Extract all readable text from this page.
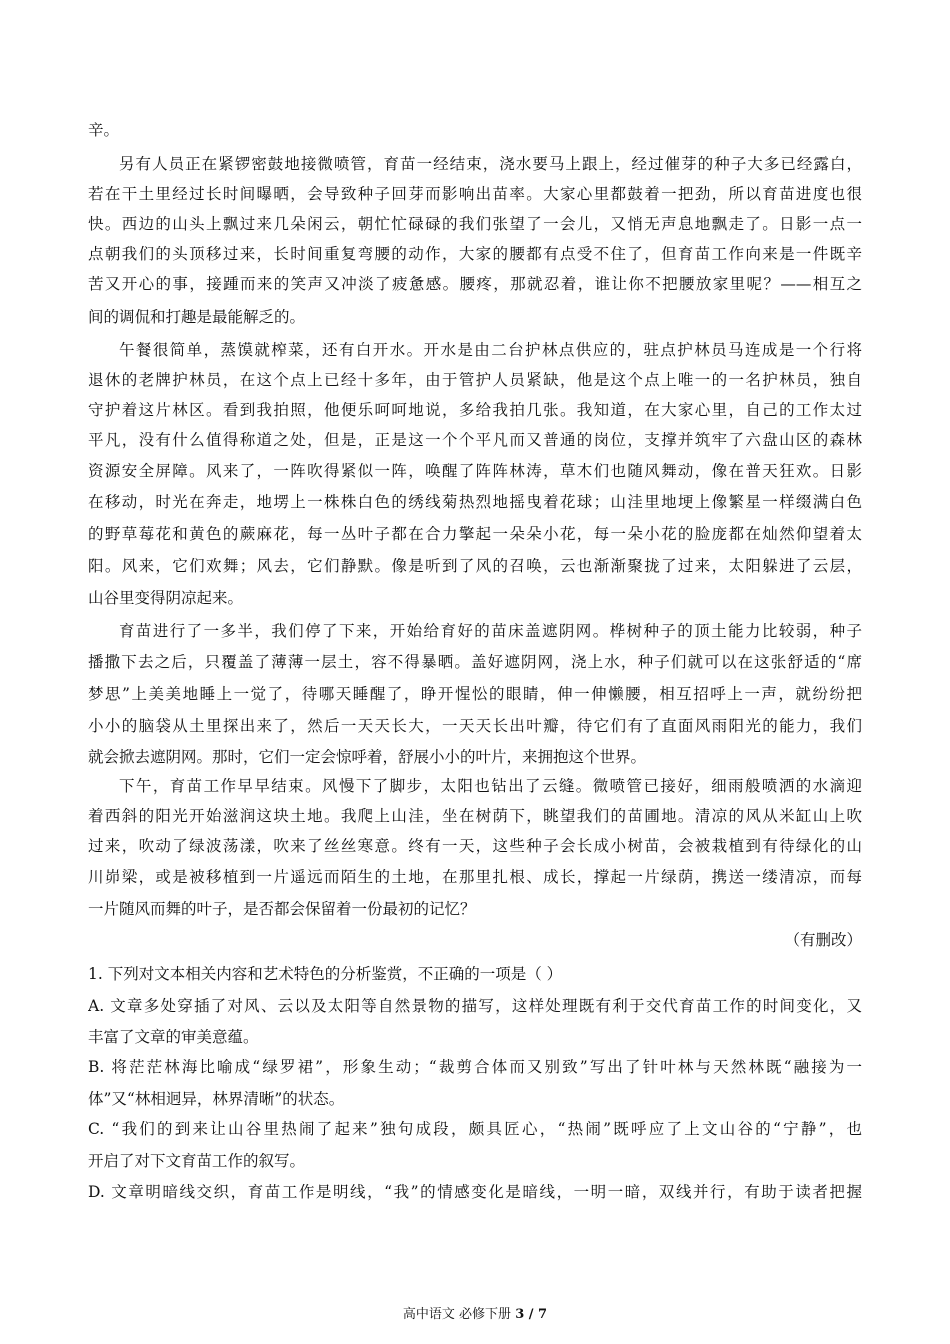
辛。
另有人员正在紧锣密鼓地接微喷管，育苗一经结束，浇水要马上跟上，经过催芽的种子大多已经露白，
若在干土里经过长时间曝晒，会导致种子回芽而影响出苗率。大家心里都鼓着一把劲，所以育苗进度也很
快。西边的山头上飘过来几朵闲云，朝忙忙碌碌的我们张望了一会儿，又悄无声息地飘走了。日影一点一
点朝我们的头顶移过来，长时间重复弯腰的动作，大家的腰都有点受不住了，但育苗工作向来是一件既辛
苦又开心的事，接踵而来的笑声又冲淡了疲惫感。腰疼，那就忍着，谁让你不把腰放家里呢？——相互之
间的调侃和打趣是最能解乏的。
午餐很简单，蒸馍就榨菜，还有白开水。开水是由二台护林点供应的，驻点护林员马连成是一个行将
退休的老牌护林员，在这个点上已经十多年，由于管护人员紧缺，他是这个点上唯一的一名护林员，独自
守护着这片林区。看到我拍照，他便乐呵呵地说，多给我拍几张。我知道，在大家心里，自己的工作太过
平凡，没有什么值得称道之处，但是，正是这一个个平凡而又普通的岗位，支撑并筑牢了六盘山区的森林
资源安全屏障。风来了，一阵吹得紧似一阵，唤醒了阵阵林涛，草木们也随风舞动，像在普天狂欢。日影
在移动，时光在奔走，地塄上一株株白色的绣线菊热烈地摇曳着花球；山洼里地埂上像繁星一样缀满白色
的野草莓花和黄色的蕨麻花，每一丛叶子都在合力擎起一朵朵小花，每一朵小花的脸庞都在灿然仰望着太
阳。风来，它们欢舞；风去，它们静默。像是听到了风的召唤，云也渐渐聚拢了过来，太阳躲进了云层，
山谷里变得阴凉起来。
育苗进行了一多半，我们停了下来，开始给育好的苗床盖遮阴网。桦树种子的顶土能力比较弱，种子
播撒下去之后，只覆盖了薄薄一层土，容不得暴晒。盖好遮阴网，浇上水，种子们就可以在这张舒适的“席
梦思”上美美地睡上一觉了，待哪天睡醒了，睁开惺忪的眼睛，伸一伸懒腰，相互招呼上一声，就纷纷把
小小的脑袋从土里探出来了，然后一天天长大，一天天长出叶瓣，待它们有了直面风雨阳光的能力，我们
就会掀去遮阴网。那时，它们一定会惊呼着，舒展小小的叶片，来拥抱这个世界。
下午，育苗工作早早结束。风慢下了脚步，太阳也钻出了云缝。微喷管已接好，细雨般喷洒的水滴迎
着西斜的阳光开始滋润这块土地。我爬上山洼，坐在树荫下，眺望我们的苗圃地。清凉的风从米缸山上吹
过来，吹动了绿波荡漾，吹来了丝丝寒意。终有一天，这些种子会长成小树苗，会被栽植到有待绿化的山
川峁梁，或是被移植到一片遥远而陌生的土地，在那里扎根、成长，撑起一片绿荫，携送一缕清凉，而每
一片随风而舞的叶子，是否都会保留着一份最初的记忆？
（有删改）
1. 下列对文本相关内容和艺术特色的分析鉴赏，不正确的一项是（ ）
A. 文章多处穿插了对风、云以及太阳等自然景物的描写，这样处理既有利于交代育苗工作的时间变化，又
丰富了文章的审美意蕴。
B. 将茫茫林海比喻成“绿罗裙”，形象生动；“裁剪合体而又别致”写出了针叶林与天然林既“融接为一
体”又“林相迥异，林界清晰”的状态。
C. “我们的到来让山谷里热闹了起来”独句成段，颇具匠心，“热闹”既呼应了上文山谷的“宁静”，也
开启了对下文育苗工作的叙写。
D. 文章明暗线交织，育苗工作是明线，“我”的情感变化是暗线，一明一暗，双线并行，有助于读者把握
高中语文 必修下册 3 / 7
